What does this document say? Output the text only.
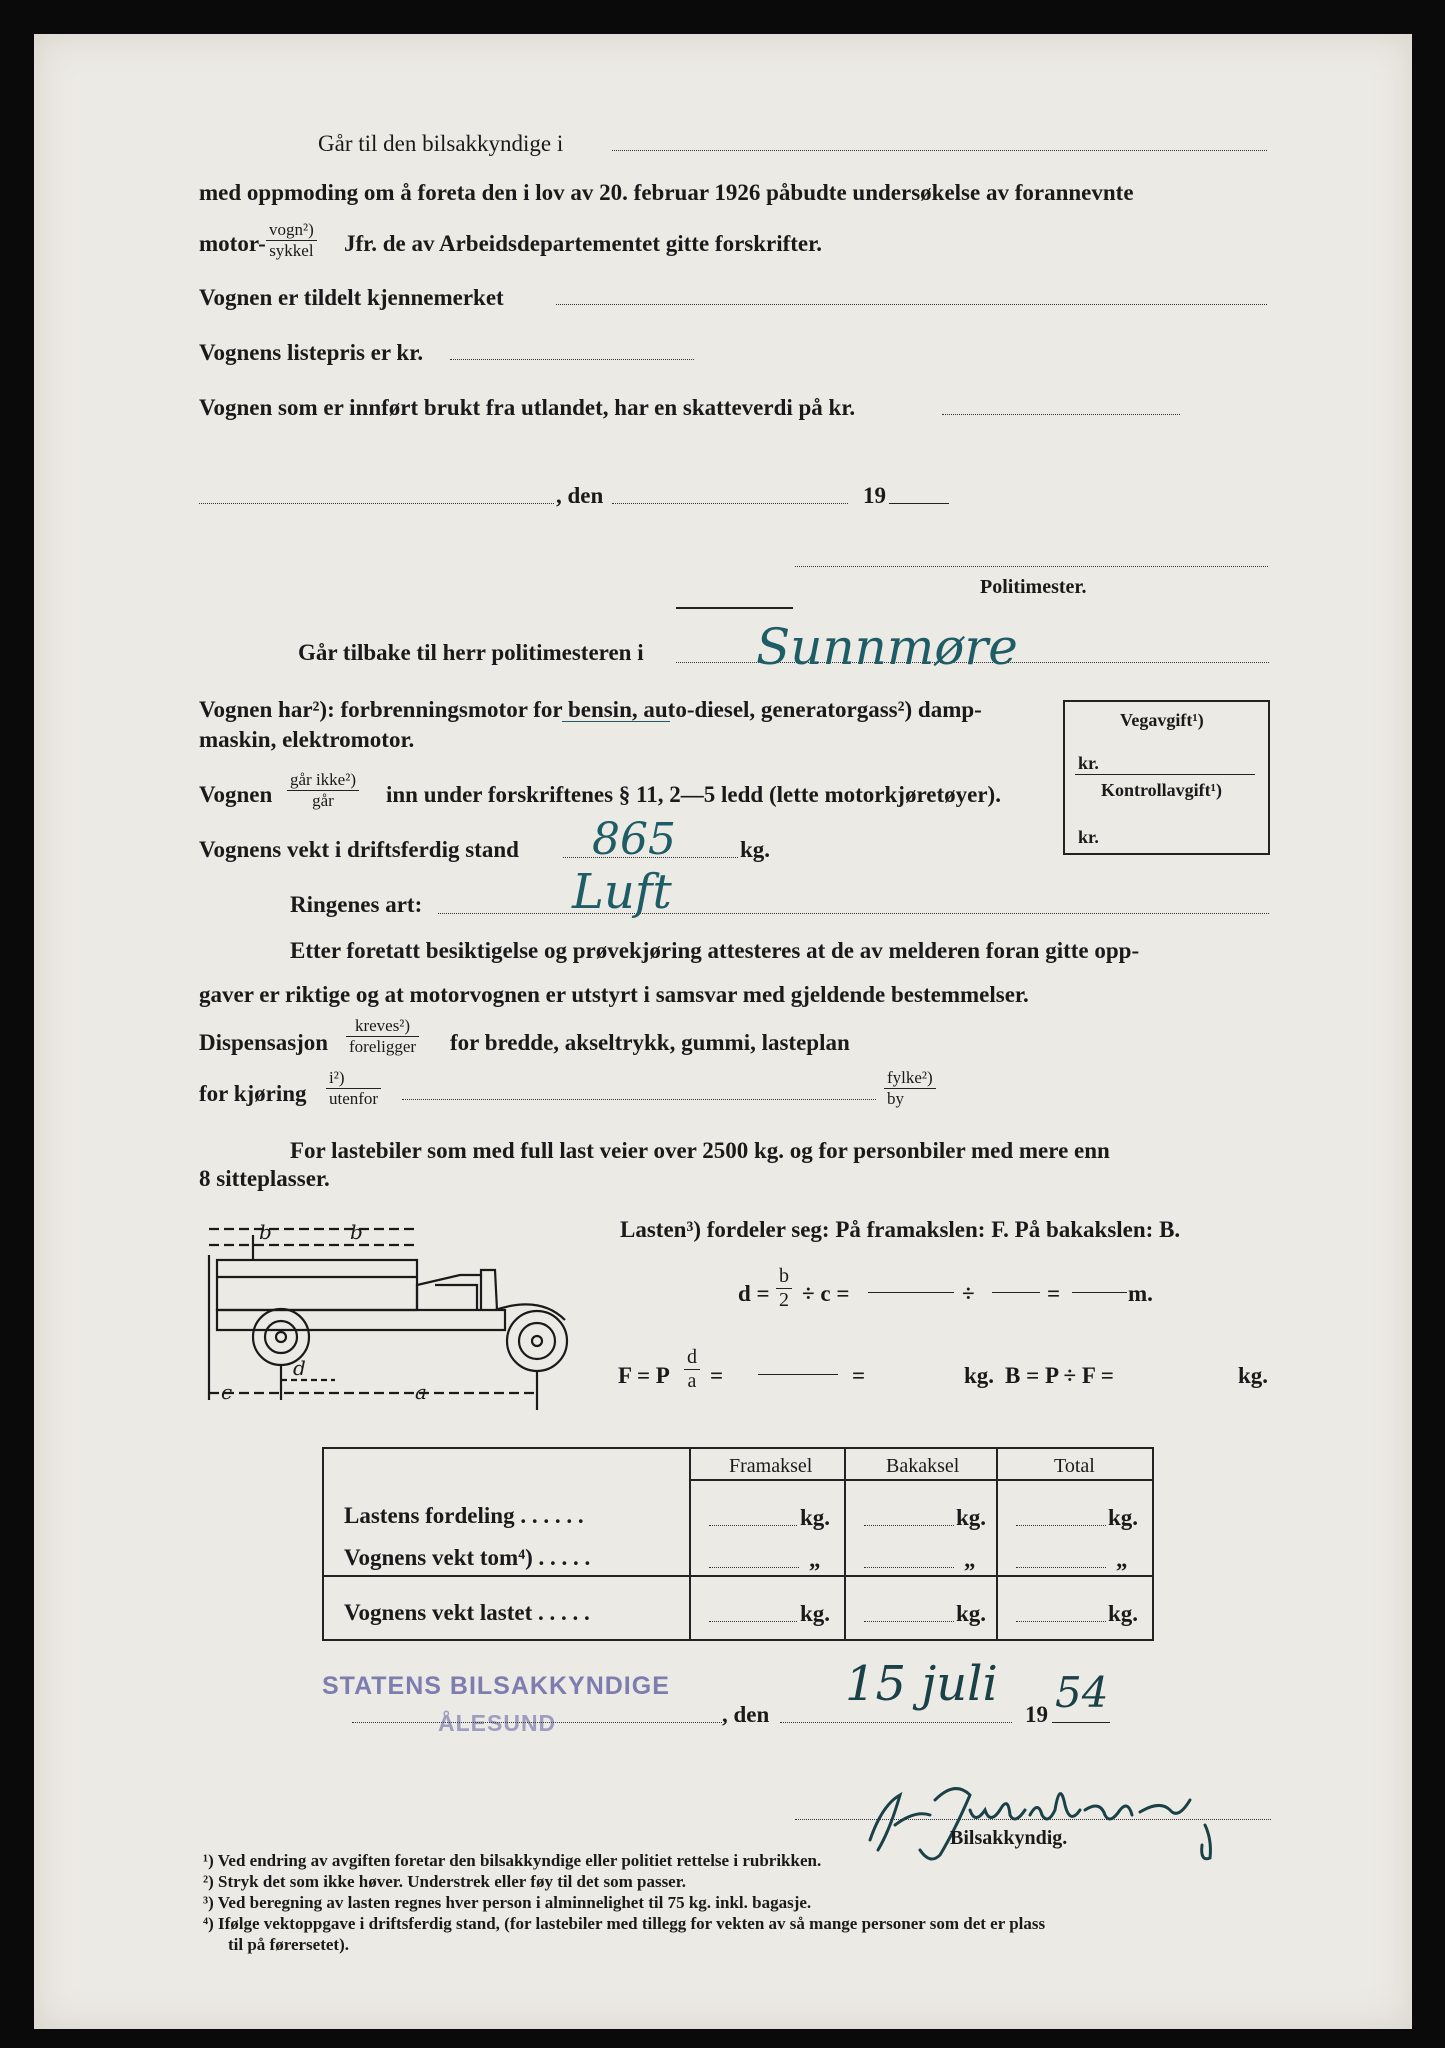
Går til den bilsakkyndige i
med oppmoding om å foreta den i lov av 20. februar 1926 påbudte undersøkelse av forannevnte
motor-
vogn²)
sykkel Jfr. de av Arbeidsdepartementet gitte forskrifter.
Vognen er tildelt kjennemerket
Vognens listepris er kr.
Vognen som er innført brukt fra utlandet, har en skatteverdi på kr.
, den	19
Politimester.
Går tilbake til herr politimesteren i Sunnmøre
Vognen har²): forbrenningsmotor for bensin, auto-diesel, generatorgass²) damp-
maskin, elektromotor.
Vognen
går ikke²)
går	inn under forskriftenes § 11, 2—5 ledd (lette motorkjøretøyer).
Vognens vekt i driftsferdig stand 865	kg.
Ringenes art:	Luft
Vegavgift¹)
kr.
Kontrollavgift¹)
kr.
Etter foretatt besiktigelse og prøvekjøring attesteres at de av melderen foran gitte opp-
gaver er riktige og at motorvognen er utstyrt i samsvar med gjeldende bestemmelser.
Dispensasjon
kreves²)
foreligger for bredde, akseltrykk, gummi, lasteplan
for kjøring
i²)
utenfor
fylke²)
by
For lastebiler som med full last veier over 2500 kg. og for personbiler med mere enn
8 sitteplasser.
b	b
c
d
a
Lasten³) fordeler seg: På framakslen: F. På bakakslen: B.
$d = \frac{b}{2} \div c$ =	÷	=	m.
F = P $\frac{d}{a}$ =	=	kg. B = P ÷ F =	kg.
Framaksel	Bakaksel	Total
Lastens fordeling . . . . . .	kg.	kg.	kg.
Vognens vekt tom⁴) . . . . .	„	„	„
Vognens vekt lastet . . . . .	kg.	kg.	kg.
STATENS BILSAKKYNDIGE
ÅLESUND	, den
15 juli
19 54
Bilsakkyndig.
¹) Ved endring av avgiften foretar den bilsakkyndige eller politiet rettelse i rubrikken.
²) Stryk det som ikke høver. Understrek eller føy til det som passer.
³) Ved beregning av lasten regnes hver person i alminnelighet til 75 kg. inkl. bagasje.
⁴) Ifølge vektoppgave i driftsferdig stand, (for lastebiler med tillegg for vekten av så mange personer som det er plass
til på førersetet).
